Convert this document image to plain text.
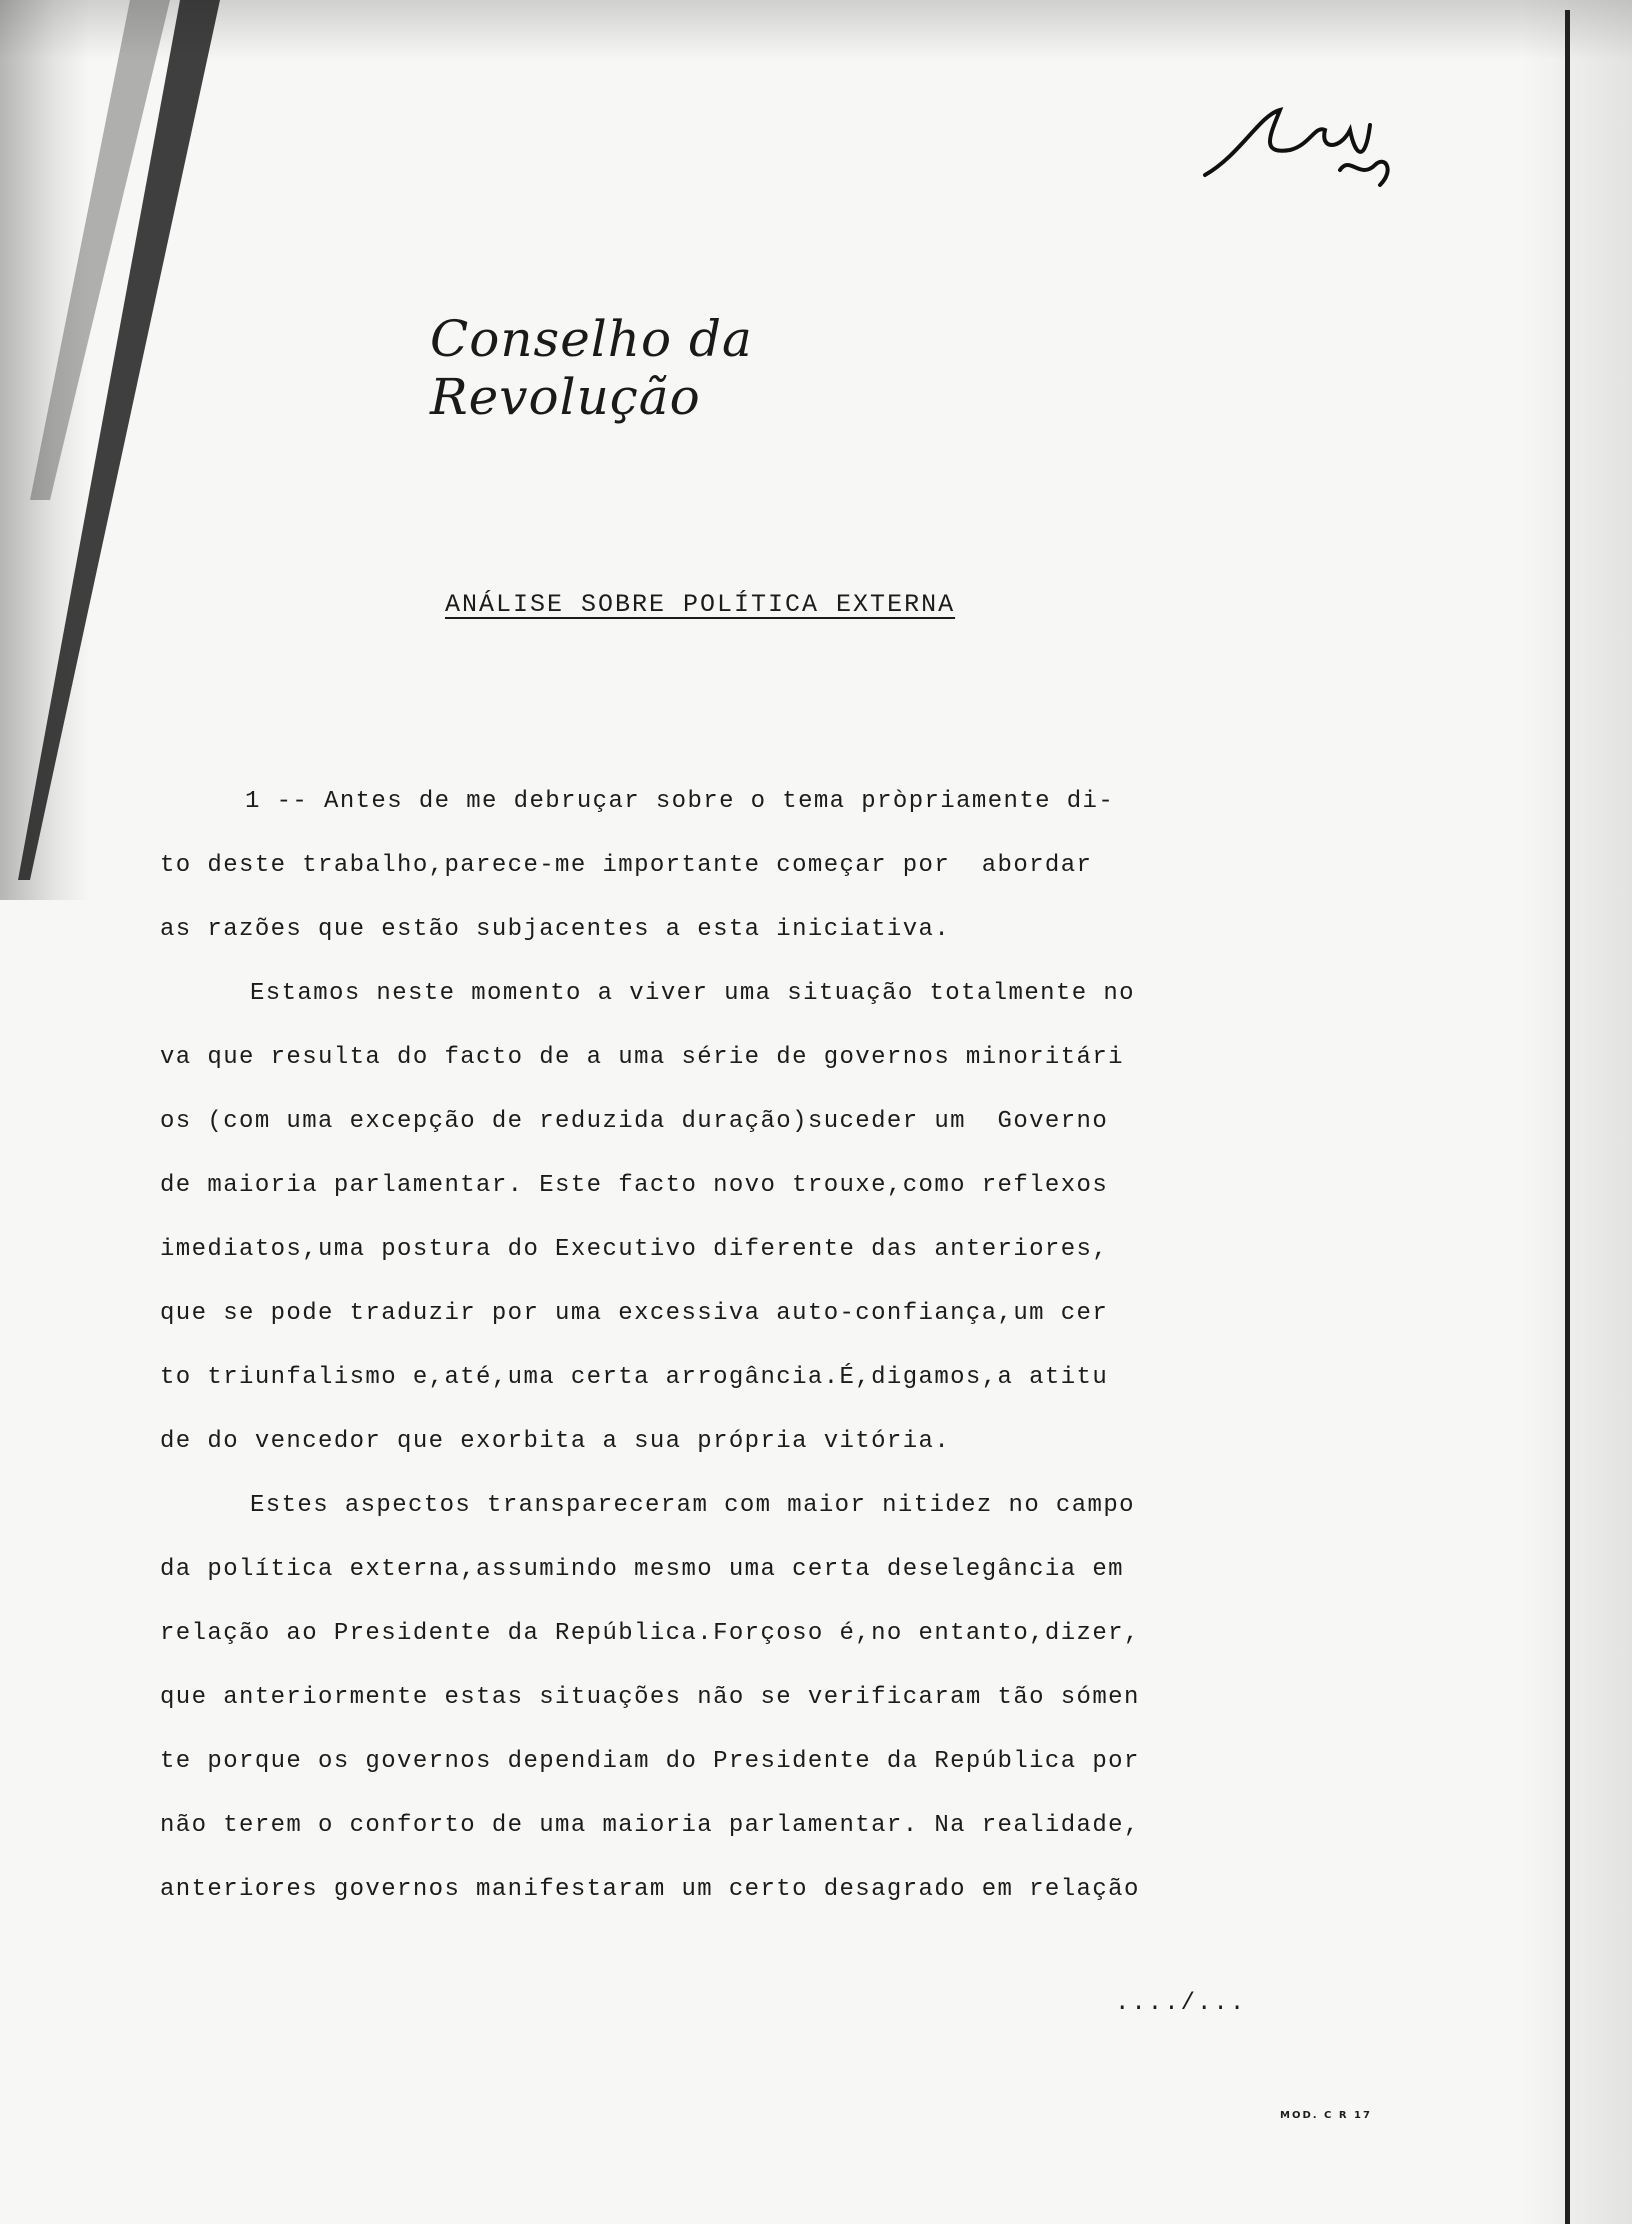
Conselho da Revolução
ANÁLISE SOBRE POLÍTICA EXTERNA
1 -- Antes de me debruçar sobre o tema pròpriamente di-
to deste trabalho,parece-me importante começar por  abordar
as razões que estão subjacentes a esta iniciativa.
Estamos neste momento a viver uma situação totalmente no
va que resulta do facto de a uma série de governos minoritári
os (com uma excepção de reduzida duração)suceder um  Governo
de maioria parlamentar. Este facto novo trouxe,como reflexos
imediatos,uma postura do Executivo diferente das anteriores,
que se pode traduzir por uma excessiva auto-confiança,um cer
to triunfalismo e,até,uma certa arrogância.É,digamos,a atitu
de do vencedor que exorbita a sua própria vitória.
Estes aspectos transpareceram com maior nitidez no campo
da política externa,assumindo mesmo uma certa deselegância em
relação ao Presidente da República.Forçoso é,no entanto,dizer,
que anteriormente estas situações não se verificaram tão sómen
te porque os governos dependiam do Presidente da República por
não terem o conforto de uma maioria parlamentar. Na realidade,
anteriores governos manifestaram um certo desagrado em relação
..../...
MOD. C R 17
